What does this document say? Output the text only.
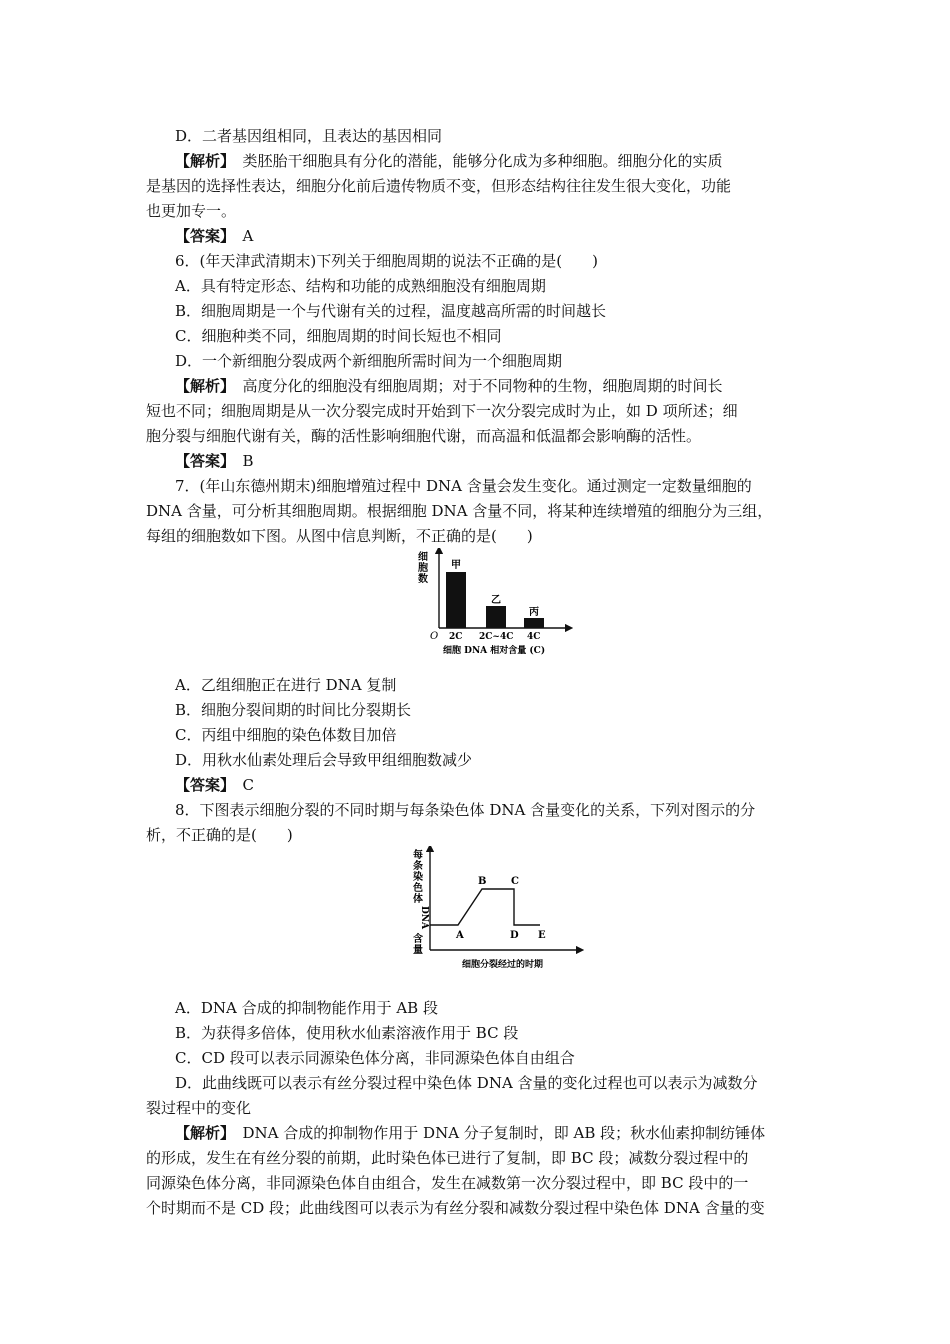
D．二者基因组相同，且表达的基因相同
【解析】　类胚胎干细胞具有分化的潜能，能够分化成为多种细胞。细胞分化的实质
是基因的选择性表达，细胞分化前后遗传物质不变，但形态结构往往发生很大变化，功能
也更加专一。
【答案】　A
6．(年天津武清期末)下列关于细胞周期的说法不正确的是(　　)
A．具有特定形态、结构和功能的成熟细胞没有细胞周期
B．细胞周期是一个与代谢有关的过程，温度越高所需的时间越长
C．细胞种类不同，细胞周期的时间长短也不相同
D．一个新细胞分裂成两个新细胞所需时间为一个细胞周期
【解析】　高度分化的细胞没有细胞周期；对于不同物种的生物，细胞周期的时间长
短也不同；细胞周期是从一次分裂完成时开始到下一次分裂完成时为止，如 D 项所述；细
胞分裂与细胞代谢有关，酶的活性影响细胞代谢，而高温和低温都会影响酶的活性。
【答案】　B
7．(年山东德州期末)细胞增殖过程中 DNA 含量会发生变化。通过测定一定数量细胞的
DNA 含量，可分析其细胞周期。根据细胞 DNA 含量不同，将某种连续增殖的细胞分为三组，
每组的细胞数如下图。从图中信息判断，不正确的是(　　)
细
胞
数
O
甲
乙
丙
2C 2C~4C 4C
细胞 DNA 相对含量 (C)
A．乙组细胞正在进行 DNA 复制
B．细胞分裂间期的时间比分裂期长
C．丙组中细胞的染色体数目加倍
D．用秋水仙素处理后会导致甲组细胞数减少
【答案】　C
8．下图表示细胞分裂的不同时期与每条染色体 DNA 含量变化的关系，下列对图示的分
析，不正确的是(　　)
每
条
染
色
体
DNA
含
量
A
B C
D E
细胞分裂经过的时期
A．DNA 合成的抑制物能作用于 AB 段
B．为获得多倍体，使用秋水仙素溶液作用于 BC 段
C．CD 段可以表示同源染色体分离，非同源染色体自由组合
D．此曲线既可以表示有丝分裂过程中染色体 DNA 含量的变化过程也可以表示为减数分
裂过程中的变化
【解析】　DNA 合成的抑制物作用于 DNA 分子复制时，即 AB 段；秋水仙素抑制纺锤体
的形成，发生在有丝分裂的前期，此时染色体已进行了复制，即 BC 段；减数分裂过程中的
同源染色体分离，非同源染色体自由组合，发生在减数第一次分裂过程中，即 BC 段中的一
个时期而不是 CD 段；此曲线图可以表示为有丝分裂和减数分裂过程中染色体 DNA 含量的变
